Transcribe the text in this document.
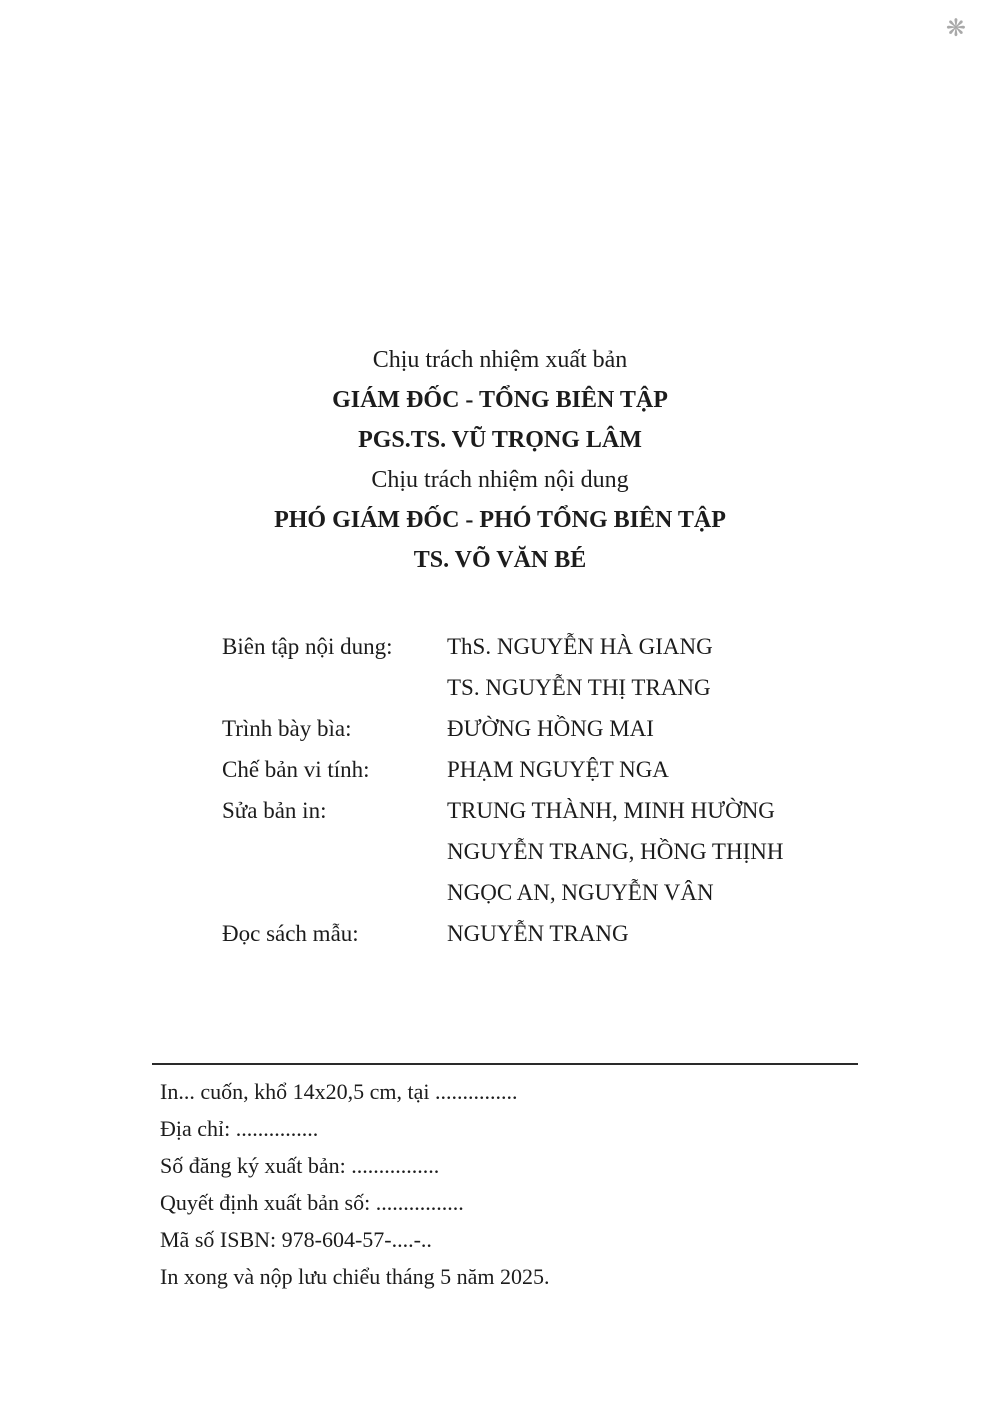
❋
Chịu trách nhiệm xuất bản
GIÁM ĐỐC - TỔNG BIÊN TẬP
PGS.TS. VŨ TRỌNG LÂM
Chịu trách nhiệm nội dung
PHÓ GIÁM ĐỐC - PHÓ TỔNG BIÊN TẬP
TS. VÕ VĂN BÉ
Biên tập nội dung:	ThS. NGUYỄN HÀ GIANG
TS. NGUYỄN THỊ TRANG
Trình bày bìa:	ĐƯỜNG HỒNG MAI
Chế bản vi tính:	PHẠM NGUYỆT NGA
Sửa bản in:	TRUNG THÀNH, MINH HƯỜNG
NGUYỄN TRANG, HỒNG THỊNH
NGỌC AN, NGUYỄN VÂN
Đọc sách mẫu:	NGUYỄN TRANG
In... cuốn, khổ 14x20,5 cm, tại ...............
Địa chỉ: ...............
Số đăng ký xuất bản: ................
Quyết định xuất bản số: ................
Mã số ISBN: 978-604-57-....-..
In xong và nộp lưu chiểu tháng 5 năm 2025.
